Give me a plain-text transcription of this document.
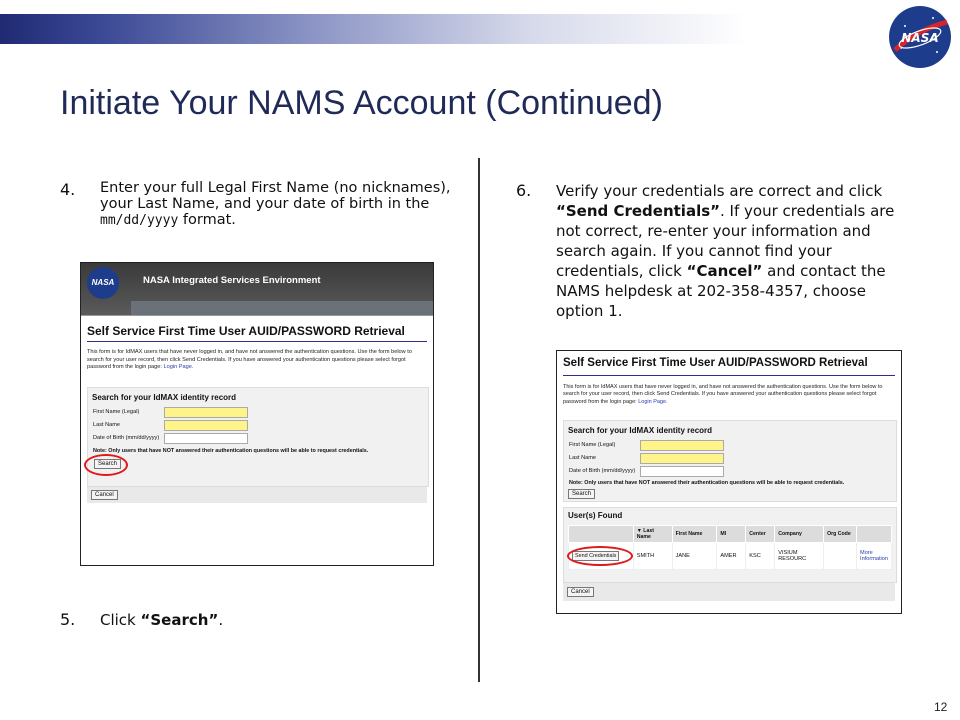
NASA
Initiate Your NAMS Account (Continued)
4.	Enter your full Legal First Name (no nicknames), your Last Name, and your date of birth in the mm/dd/yyyy format.
NASA	NASA Integrated Services Environment
Self Service First Time User AUID/PASSWORD Retrieval
This form is for IdMAX users that have never logged in, and have not answered the authentication questions. Use the form below to search for your user record, then click Send Credentials. If you have answered your authentication questions please select forgot password from the login page: Login Page.
Search for your IdMAX identity record
First Name (Legal)
Last Name
Date of Birth (mm/dd/yyyy)
Note: Only users that have NOT answered their authentication questions will be able to request credentials.
Search
Cancel
5.	Click “Search”.
6.	Verify your credentials are correct and click “Send Credentials”. If your credentials are not correct, re-enter your information and search again. If you cannot find your credentials, click “Cancel” and contact the NAMS helpdesk at 202-358-4357, choose option 1.
Self Service First Time User AUID/PASSWORD Retrieval
This form is for IdMAX users that have never logged in, and have not answered the authentication questions. Use the form below to search for your user record, then click Send Credentials. If you have answered your authentication questions please select forgot password from the login page: Login Page.
Search for your IdMAX identity record
First Name (Legal)
Last Name
Date of Birth (mm/dd/yyyy)
Note: Only users that have NOT answered their authentication questions will be able to request credentials.
Search
User(s) Found
	▼ Last Name	First Name	MI	Center	Company	Org Code	
Send Credentials	SMITH	JANE	AMER	KSC	VISIUM RESOURC		More Information
Cancel
12
